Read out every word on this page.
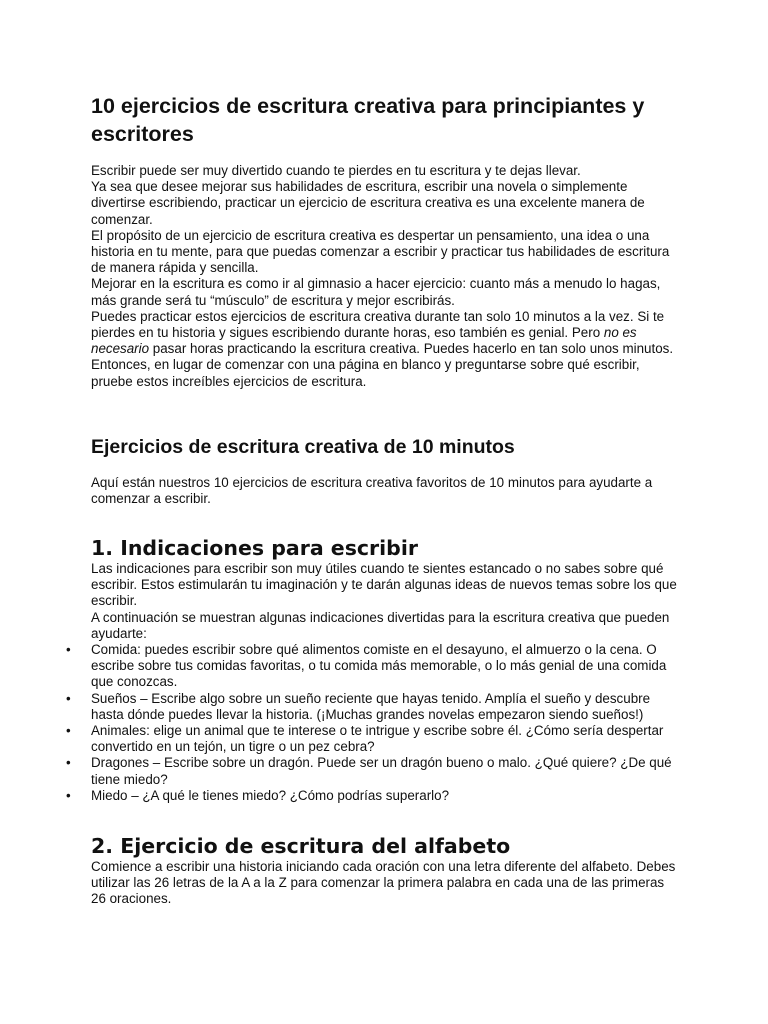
10 ejercicios de escritura creativa para principiantes y escritores

Escribir puede ser muy divertido cuando te pierdes en tu escritura y te dejas llevar.

Ya sea que desee mejorar sus habilidades de escritura, escribir una novela o simplemente divertirse escribiendo, practicar un ejercicio de escritura creativa es una excelente manera de comenzar.

El propósito de un ejercicio de escritura creativa es despertar un pensamiento, una idea o una historia en tu mente, para que puedas comenzar a escribir y practicar tus habilidades de escritura de manera rápida y sencilla.

Mejorar en la escritura es como ir al gimnasio a hacer ejercicio: cuanto más a menudo lo hagas, más grande será tu “músculo” de escritura y mejor escribirás.

Puedes practicar estos ejercicios de escritura creativa durante tan solo 10 minutos a la vez. Si te pierdes en tu historia y sigues escribiendo durante horas, eso también es genial. Pero no es necesario pasar horas practicando la escritura creativa. Puedes hacerlo en tan solo unos minutos.

Entonces, en lugar de comenzar con una página en blanco y preguntarse sobre qué escribir, pruebe estos increíbles ejercicios de escritura.

Ejercicios de escritura creativa de 10 minutos

Aquí están nuestros 10 ejercicios de escritura creativa favoritos de 10 minutos para ayudarte a comenzar a escribir.

1. Indicaciones para escribir

Las indicaciones para escribir son muy útiles cuando te sientes estancado o no sabes sobre qué escribir. Estos estimularán tu imaginación y te darán algunas ideas de nuevos temas sobre los que escribir.

A continuación se muestran algunas indicaciones divertidas para la escritura creativa que pueden ayudarte:

• Comida: puedes escribir sobre qué alimentos comiste en el desayuno, el almuerzo o la cena. O escribe sobre tus comidas favoritas, o tu comida más memorable, o lo más genial de una comida que conozcas.
• Sueños – Escribe algo sobre un sueño reciente que hayas tenido. Amplía el sueño y descubre hasta dónde puedes llevar la historia. (¡Muchas grandes novelas empezaron siendo sueños!)
• Animales: elige un animal que te interese o te intrigue y escribe sobre él. ¿Cómo sería despertar convertido en un tejón, un tigre o un pez cebra?
• Dragones – Escribe sobre un dragón. Puede ser un dragón bueno o malo. ¿Qué quiere? ¿De qué tiene miedo?
• Miedo – ¿A qué le tienes miedo? ¿Cómo podrías superarlo?
2. Ejercicio de escritura del alfabeto

Comience a escribir una historia iniciando cada oración con una letra diferente del alfabeto. Debes utilizar las 26 letras de la A a la Z para comenzar la primera palabra en cada una de las primeras 26 oraciones.
